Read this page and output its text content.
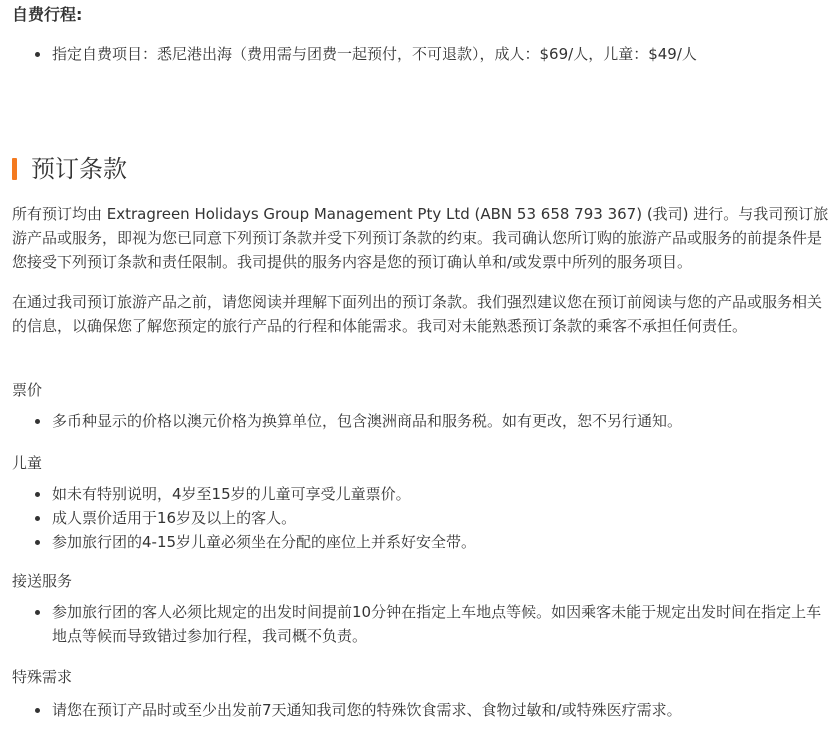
自费行程:
指定自费项目：悉尼港出海（费用需与团费一起预付，不可退款），成人：$69/人，儿童：$49/人
预订条款

所有预订均由 Extragreen Holidays Group Management Pty Ltd (ABN 53 658 793 367) (我司) 进行。与我司预订旅游产品或服务，即视为您已同意下列预订条款并受下列预订条款的约束。我司确认您所订购的旅游产品或服务的前提条件是您接受下列预订条款和责任限制。我司提供的服务内容是您的预订确认单和/或发票中所列的服务项目。

在通过我司预订旅游产品之前，请您阅读并理解下面列出的预订条款。我们强烈建议您在预订前阅读与您的产品或服务相关的信息，以确保您了解您预定的旅行产品的行程和体能需求。我司对未能熟悉预订条款的乘客不承担任何责任。

票价
多币种显示的价格以澳元价格为换算单位，包含澳洲商品和服务税。如有更改，恕不另行通知。
儿童
如未有特别说明，4岁至15岁的儿童可享受儿童票价。
成人票价适用于16岁及以上的客人。
参加旅行团的4-15岁儿童必须坐在分配的座位上并系好安全带。
接送服务
参加旅行团的客人必须比规定的出发时间提前10分钟在指定上车地点等候。如因乘客未能于规定出发时间在指定上车地点等候而导致错过参加行程，我司概不负责。
特殊需求
请您在预订产品时或至少出发前7天通知我司您的特殊饮食需求、食物过敏和/或特殊医疗需求。
